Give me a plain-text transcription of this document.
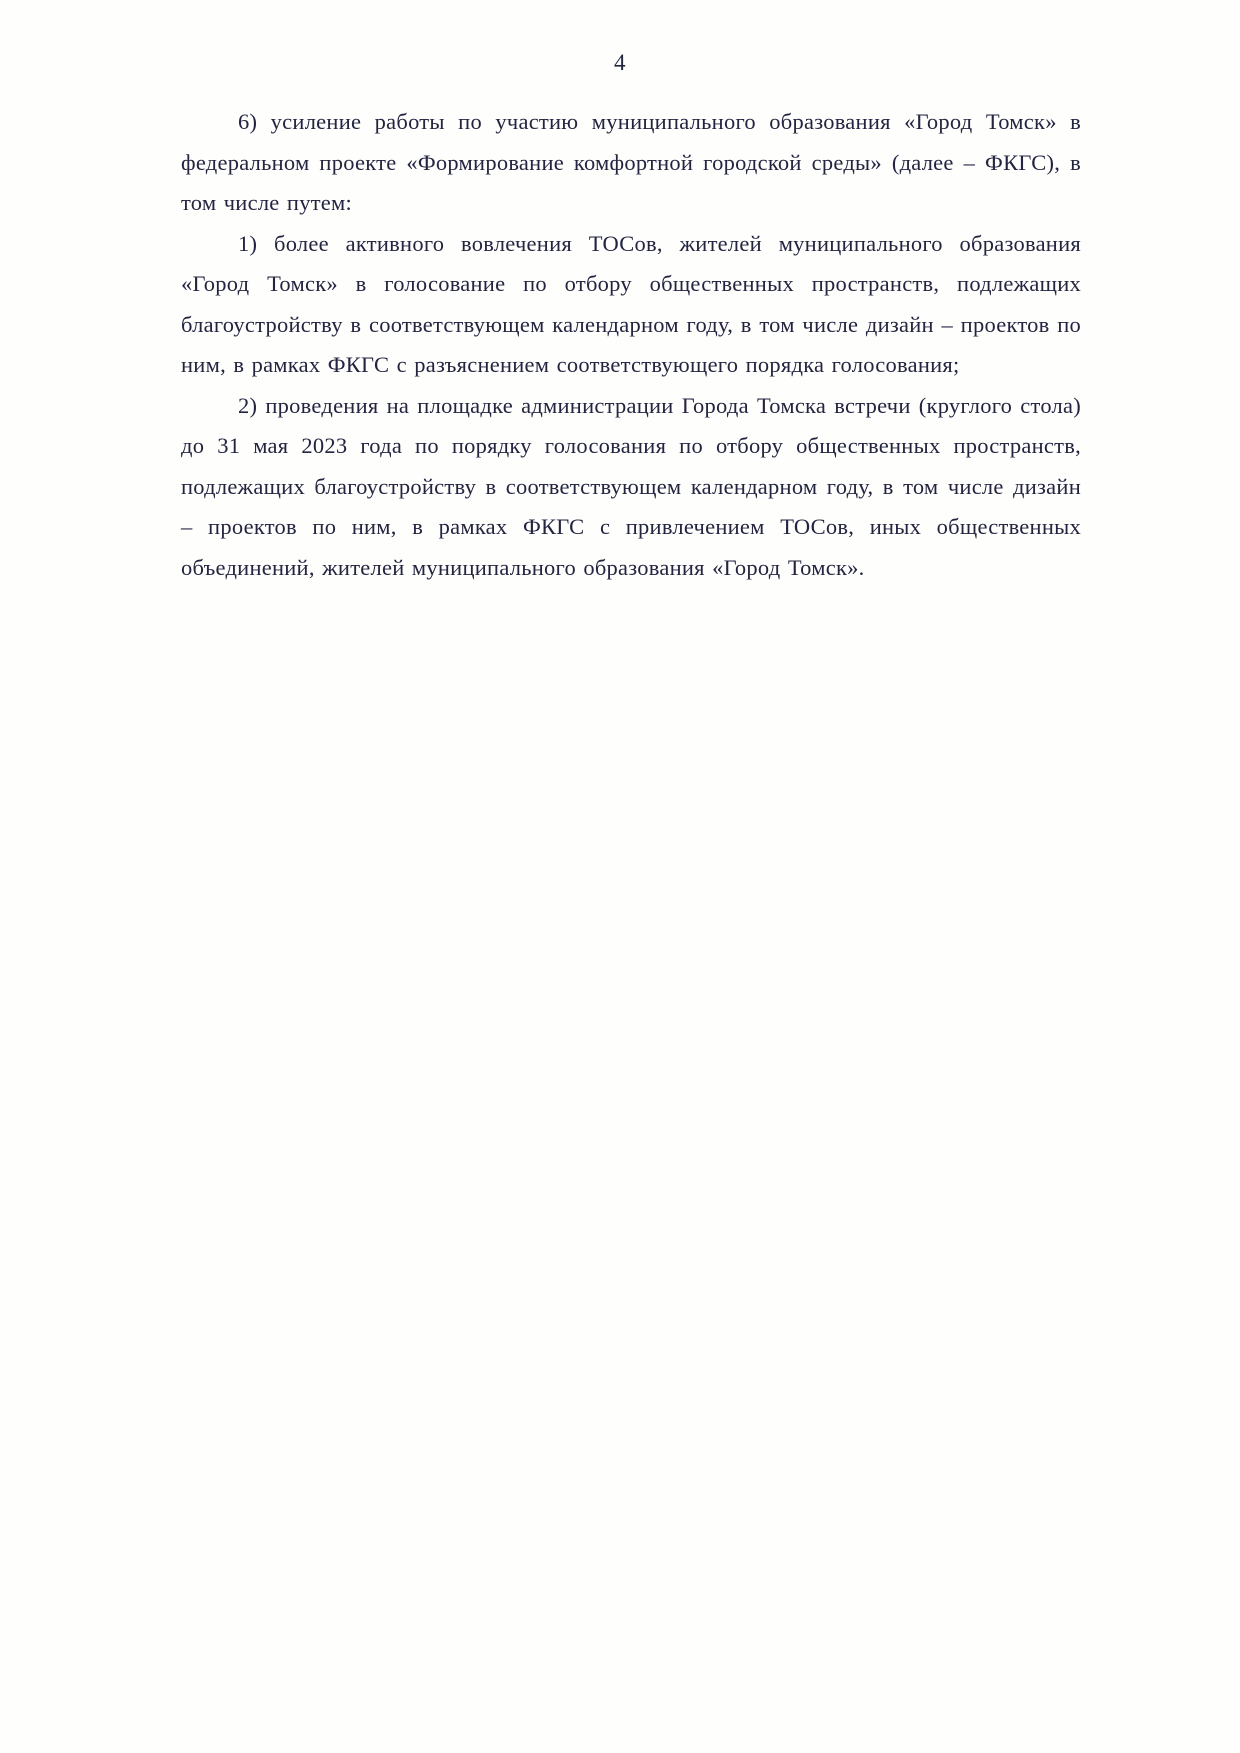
4

6) усиление работы по участию муниципального образования «Город Томск» в федеральном проекте «Формирование комфортной городской среды» (далее – ФКГС), в том числе путем:

1) более активного вовлечения ТОСов, жителей муниципального образования «Город Томск» в голосование по отбору общественных пространств, подлежащих благоустройству в соответствующем календарном году, в том числе дизайн – проектов по ним, в рамках ФКГС с разъяснением соответствующего порядка голосования;

2) проведения на площадке администрации Города Томска встречи (круглого стола) до 31 мая 2023 года по порядку голосования по отбору общественных пространств, подлежащих благоустройству в соответствующем календарном году, в том числе дизайн – проектов по ним, в рамках ФКГС с привлечением ТОСов, иных общественных объединений, жителей муниципального образования «Город Томск».
